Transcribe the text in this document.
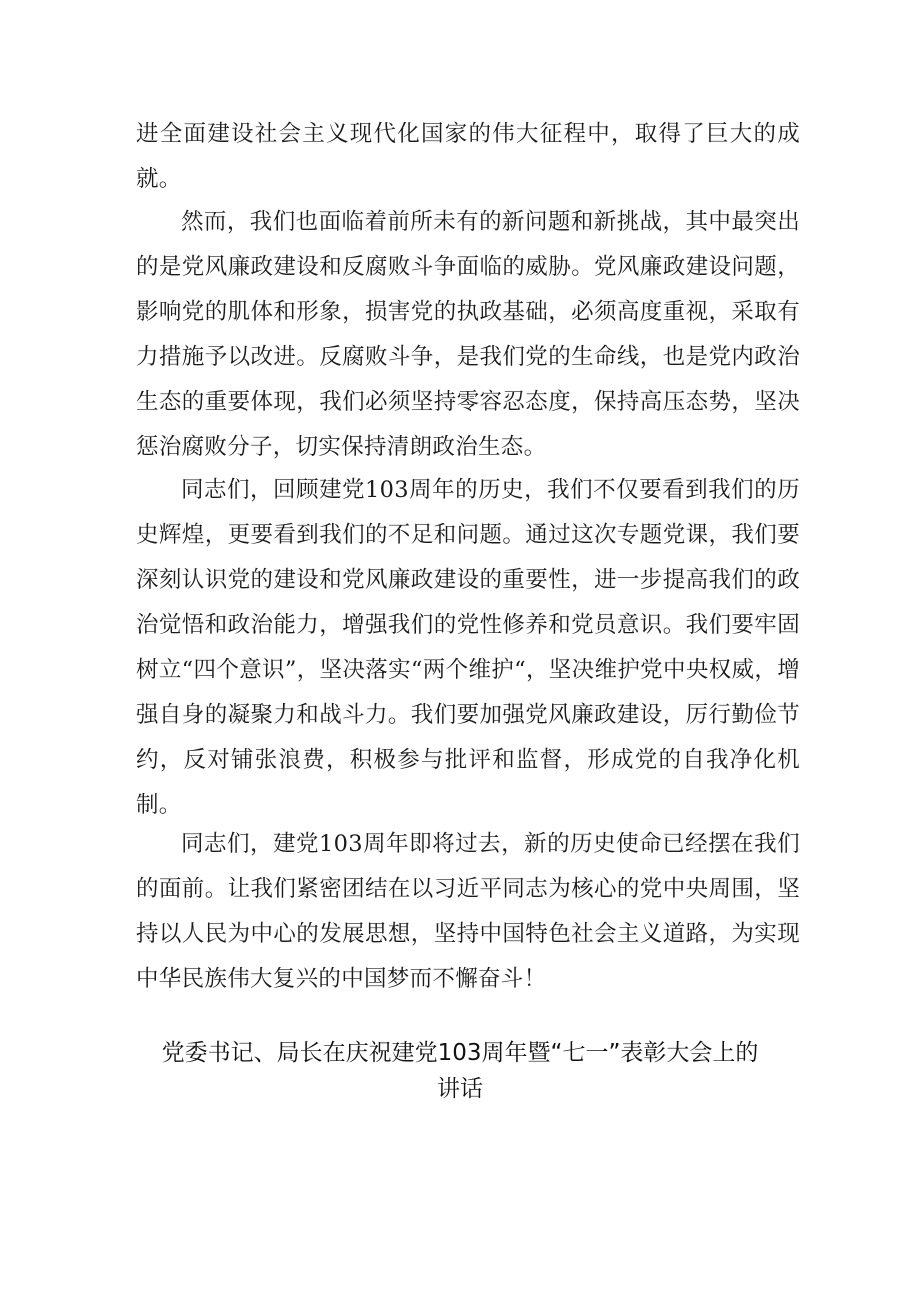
进全面建设社会主义现代化国家的伟大征程中，取得了巨大的成就。

然而，我们也面临着前所未有的新问题和新挑战，其中最突出的是党风廉政建设和反腐败斗争面临的威胁。党风廉政建设问题，影响党的肌体和形象，损害党的执政基础，必须高度重视，采取有力措施予以改进。反腐败斗争，是我们党的生命线，也是党内政治生态的重要体现，我们必须坚持零容忍态度，保持高压态势，坚决惩治腐败分子，切实保持清朗政治生态。

同志们，回顾建党103周年的历史，我们不仅要看到我们的历史辉煌，更要看到我们的不足和问题。通过这次专题党课，我们要深刻认识党的建设和党风廉政建设的重要性，进一步提高我们的政治觉悟和政治能力，增强我们的党性修养和党员意识。我们要牢固树立“四个意识”，坚决落实“两个维护“，坚决维护党中央权威，增强自身的凝聚力和战斗力。我们要加强党风廉政建设，厉行勤俭节约，反对铺张浪费，积极参与批评和监督，形成党的自我净化机制。

同志们，建党103周年即将过去，新的历史使命已经摆在我们的面前。让我们紧密团结在以习近平同志为核心的党中央周围，坚持以人民为中心的发展思想，坚持中国特色社会主义道路，为实现中华民族伟大复兴的中国梦而不懈奋斗！

党委书记、局长在庆祝建党103周年暨“七一”表彰大会上的讲话
